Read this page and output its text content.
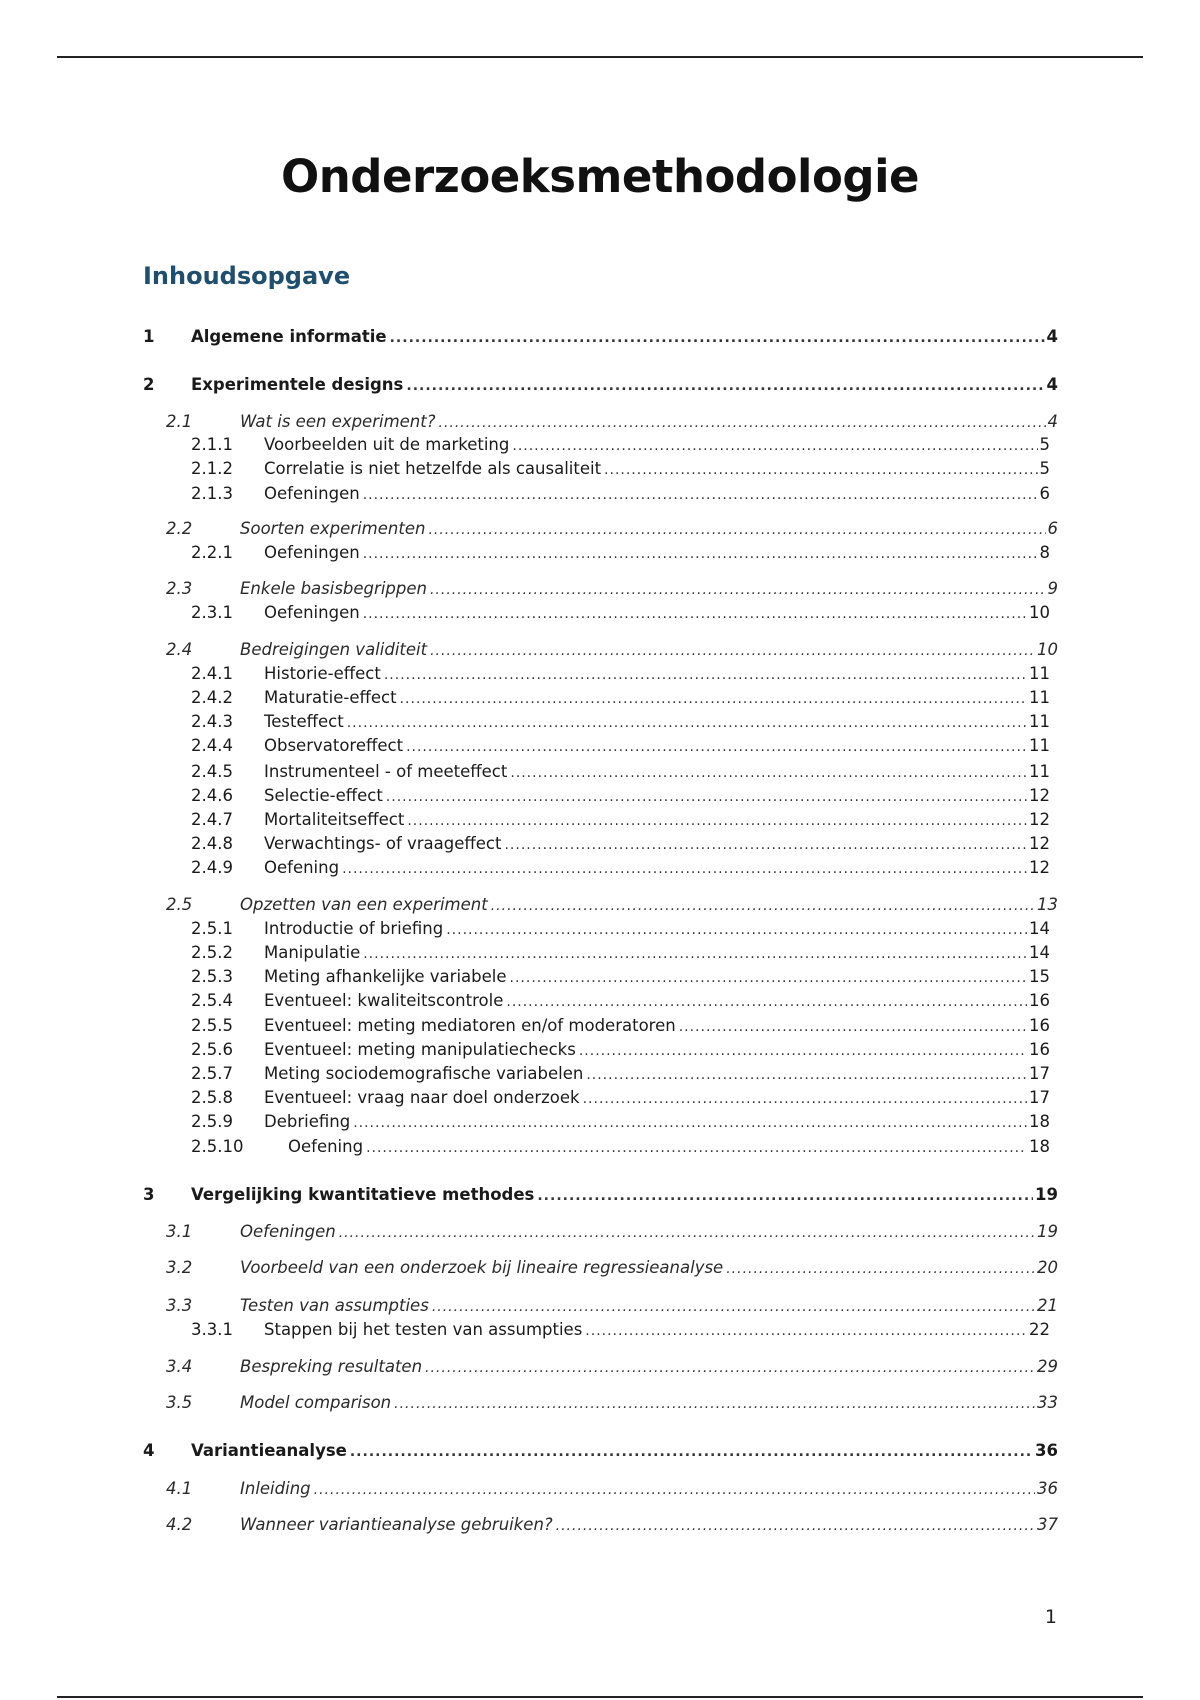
Onderzoeksmethodologie
Inhoudsopgave
1 Algemene informatie .....	4
2 Experimentele designs .....	4
2.1	Wat is een experiment? .....	4
2.1.1 Voorbeelden uit de marketing .....	5
2.1.2 Correlatie is niet hetzelfde als causaliteit .....	5
2.1.3 Oefeningen .....	6
2.2	Soorten experimenten .....	6
2.2.1 Oefeningen .....	8
2.3	Enkele basisbegrippen .....	9
2.3.1 Oefeningen .....	10
2.4	Bedreigingen validiteit .....	10
2.4.1 Historie-effect .....	11
2.4.2 Maturatie-effect .....	11
2.4.3 Testeffect .....	11
2.4.4 Observatoreffect .....	11
2.4.5 Instrumenteel - of meeteffect .....	11
2.4.6 Selectie-effect .....	12
2.4.7 Mortaliteitseffect .....	12
2.4.8 Verwachtings- of vraageffect .....	12
2.4.9 Oefening .....	12
2.5	Opzetten van een experiment .....	13
2.5.1 Introductie of briefing .....	14
2.5.2 Manipulatie .....	14
2.5.3 Meting afhankelijke variabele .....	15
2.5.4 Eventueel: kwaliteitscontrole .....	16
2.5.5 Eventueel: meting mediatoren en/of moderatoren .....	16
2.5.6 Eventueel: meting manipulatiechecks .....	16
2.5.7 Meting sociodemografische variabelen .....	17
2.5.8 Eventueel: vraag naar doel onderzoek .....	17
2.5.9 Debriefing .....	18
2.5.10	Oefening .....	18
3 Vergelijking kwantitatieve methodes .....	19
3.1	Oefeningen .....	19
3.2	Voorbeeld van een onderzoek bij lineaire regressieanalyse .....	20
3.3	Testen van assumpties .....	21
3.3.1 Stappen bij het testen van assumpties .....	22
3.4	Bespreking resultaten .....	29
3.5	Model comparison .....	33
4 Variantieanalyse .....	36
4.1	Inleiding .....	36
4.2	Wanneer variantieanalyse gebruiken? .....	37
1
